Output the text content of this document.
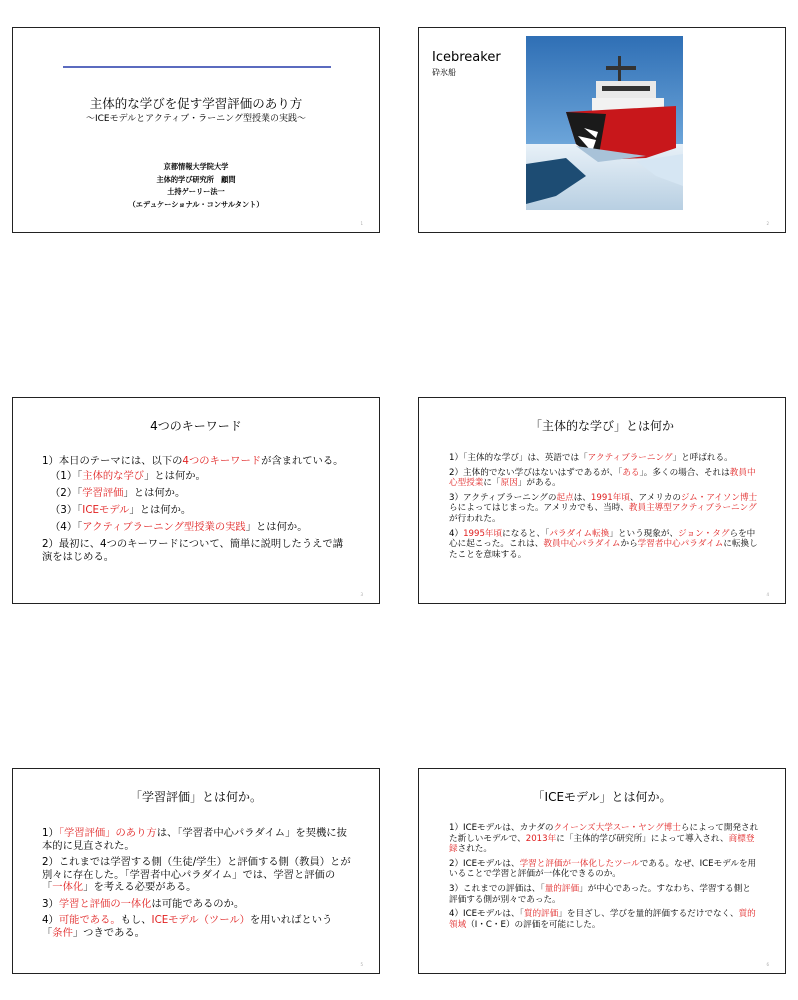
主体的な学びを促す学習評価のあり方
〜ICEモデルとアクティブ・ラーニング型授業の実践〜
京都情報大学院大学
主体的学び研究所　顧問
土持ゲーリー法一
（エデュケーショナル・コンサルタント）
1
Icebreaker
砕氷船
2
4つのキーワード

1）本日のテーマには、以下の4つのキーワードが含まれている。

（1）「主体的な学び」とは何か。

（2）「学習評価」とは何か。

（3）「ICEモデル」とは何か。

（4）「アクティブラーニング型授業の実践」とは何か。

2）最初に、4つのキーワードについて、簡単に説明したうえで講演をはじめる。

3
「主体的な学び」とは何か

1）「主体的な学び」は、英語では「アクティブラーニング」と呼ばれる。

2）主体的でない学びはないはずであるが、「ある」。多くの場合、それは教員中心型授業に「原因」がある。

3）アクティブラーニングの起点は、1991年頃、アメリカのジム・アイソン博士らによってはじまった。アメリカでも、当時、教員主導型アクティブラーニングが行われた。

4）1995年頃になると、「パラダイム転換」という現象が、ジョン・タグらを中心に起こった。これは、教員中心パラダイムから学習者中心パラダイムに転換したことを意味する。

4
「学習評価」とは何か。

1）「学習評価」のあり方は、「学習者中心パラダイム」を契機に抜本的に見直された。

2）これまでは学習する側（生徒/学生）と評価する側（教員）とが別々に存在した。「学習者中心パラダイム」では、学習と評価の「一体化」を考える必要がある。

3）学習と評価の一体化は可能であるのか。

4）可能である。もし、ICEモデル（ツール）を用いればという「条件」つきである。

5
「ICEモデル」とは何か。

1）ICEモデルは、カナダのクイーンズ大学スー・ヤング博士らによって開発された新しいモデルで、2013年に「主体的学び研究所」によって導入され、商標登録された。

2）ICEモデルは、学習と評価が一体化したツールである。なぜ、ICEモデルを用いることで学習と評価が一体化できるのか。

3）これまでの評価は、「量的評価」が中心であった。すなわち、学習する側と評価する側が別々であった。

4）ICEモデルは、「質的評価」を目ざし、学びを量的評価するだけでなく、質的領域（I・C・E）の評価を可能にした。

6
